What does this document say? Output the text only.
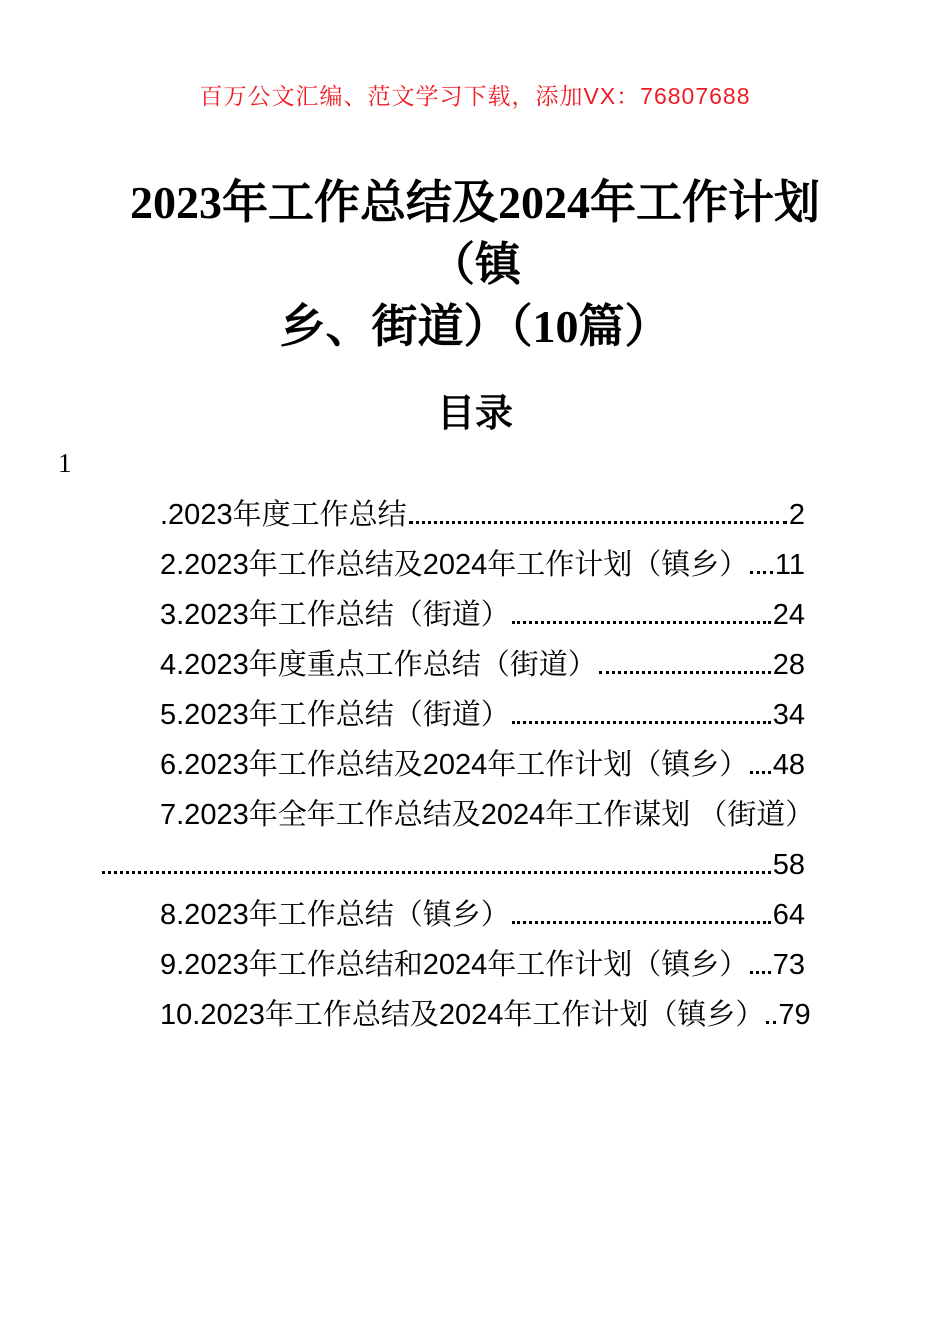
百万公文汇编、范文学习下载，添加VX：76807688
2023年工作总结及2024年工作计划 （镇
乡、街道）（10篇）
目录
1
.2023年度工作总结	2
2.2023年工作总结及2024年工作计划（镇乡） 11
3.2023年工作总结（街道）	24
4.2023年度重点工作总结（街道）	28
5.2023年工作总结（街道）	34
6.2023年工作总结及2024年工作计划（镇乡） 48
7.2023年全年工作总结及2024年工作谋划 （街道）
58
8.2023年工作总结（镇乡）	64
9.2023年工作总结和2024年工作计划（镇乡） 73
10.2023年工作总结及2024年工作计划（镇乡） 79
